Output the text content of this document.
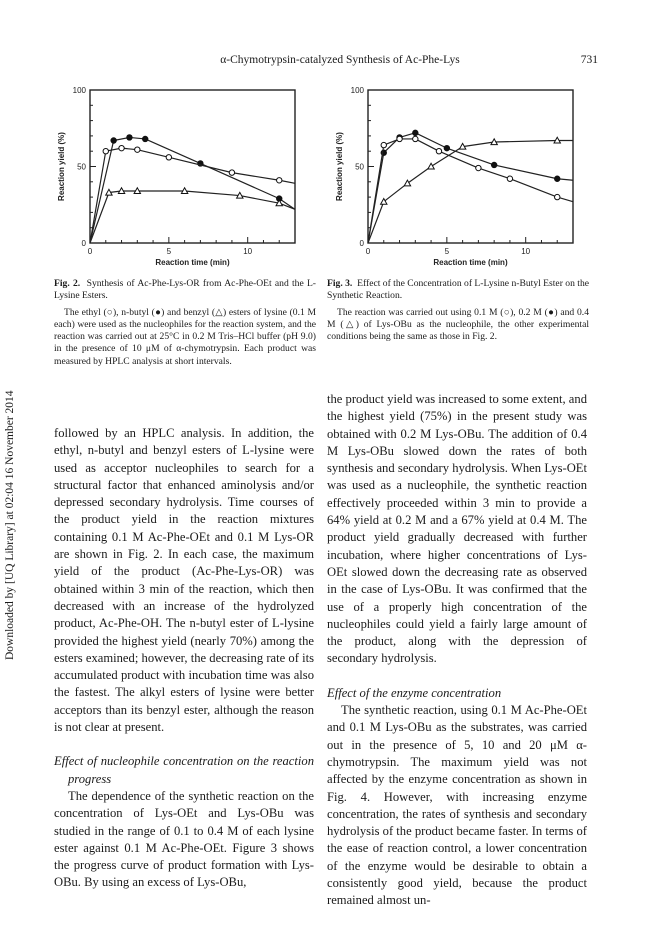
α-Chymotrypsin-catalyzed Synthesis of Ac-Phe-Lys	731
Downloaded by [UQ Library] at 02:04 16 November 2014
0
50
100
0	5	10
Reaction time (min)
Reaction yield (%)
0
50
100
0	5	10
Reaction time (min)
Reaction yield (%)
Fig. 2. Synthesis of Ac-Phe-Lys-OR from Ac-Phe-OEt and the L-Lysine Esters.
The ethyl (○), n-butyl (●) and benzyl (△) esters of lysine (0.1 M each) were used as the nucleophiles for the reaction system, and the reaction was carried out at 25°C in 0.2 M Tris–HCl buffer (pH 9.0) in the presence of 10 μM of α-chymotrypsin. Each product was measured by HPLC analysis at short intervals.
Fig. 3. Effect of the Concentration of L-Lysine n-Butyl Ester on the Synthetic Reaction.
The reaction was carried out using 0.1 M (○), 0.2 M (●) and 0.4 M (△) of Lys-OBu as the nucleophile, the other experimental conditions being the same as those in Fig. 2.

followed by an HPLC analysis. In addition, the ethyl, n-butyl and benzyl esters of L-lysine were used as acceptor nucleophiles to search for a structural factor that enhanced aminolysis and/or depressed secondary hydrolysis. Time courses of the product yield in the reaction mixtures containing 0.1 M Ac-Phe-OEt and 0.1 M Lys-OR are shown in Fig. 2. In each case, the maximum yield of the product (Ac-Phe-Lys-OR) was obtained within 3 min of the reaction, which then decreased with an increase of the hydrolyzed product, Ac-Phe-OH. The n-butyl ester of L-lysine provided the highest yield (nearly 70%) among the esters examined; however, the decreasing rate of its accumulated product with incubation time was also the fastest. The alkyl esters of lysine were better acceptors than its benzyl ester, although the reason is not clear at present.

Effect of nucleophile concentration on the reaction progress

The dependence of the synthetic reaction on the concentration of Lys-OEt and Lys-OBu was studied in the range of 0.1 to 0.4 M of each lysine ester against 0.1 M Ac-Phe-OEt. Figure 3 shows the progress curve of product formation with Lys-OBu. By using an excess of Lys-OBu,

the product yield was increased to some extent, and the highest yield (75%) in the present study was obtained with 0.2 M Lys-OBu. The addition of 0.4 M Lys-OBu slowed down the rates of both synthesis and secondary hydrolysis. When Lys-OEt was used as a nucleophile, the synthetic reaction effectively proceeded within 3 min to provide a 64% yield at 0.2 M and a 67% yield at 0.4 M. The product yield gradually decreased with further incubation, where higher concentrations of Lys-OEt slowed down the decreasing rate as observed in the case of Lys-OBu. It was confirmed that the use of a properly high concentration of the nucleophiles could yield a fairly large amount of the product, along with the depression of secondary hydrolysis.

Effect of the enzyme concentration

The synthetic reaction, using 0.1 M Ac-Phe-OEt and 0.1 M Lys-OBu as the substrates, was carried out in the presence of 5, 10 and 20 μM α-chymotrypsin. The maximum yield was not affected by the enzyme concentration as shown in Fig. 4. However, with increasing enzyme concentration, the rates of synthesis and secondary hydrolysis of the product became faster. In terms of the ease of reaction control, a lower concentration of the enzyme would be desirable to obtain a consistently good yield, because the product remained almost un-
